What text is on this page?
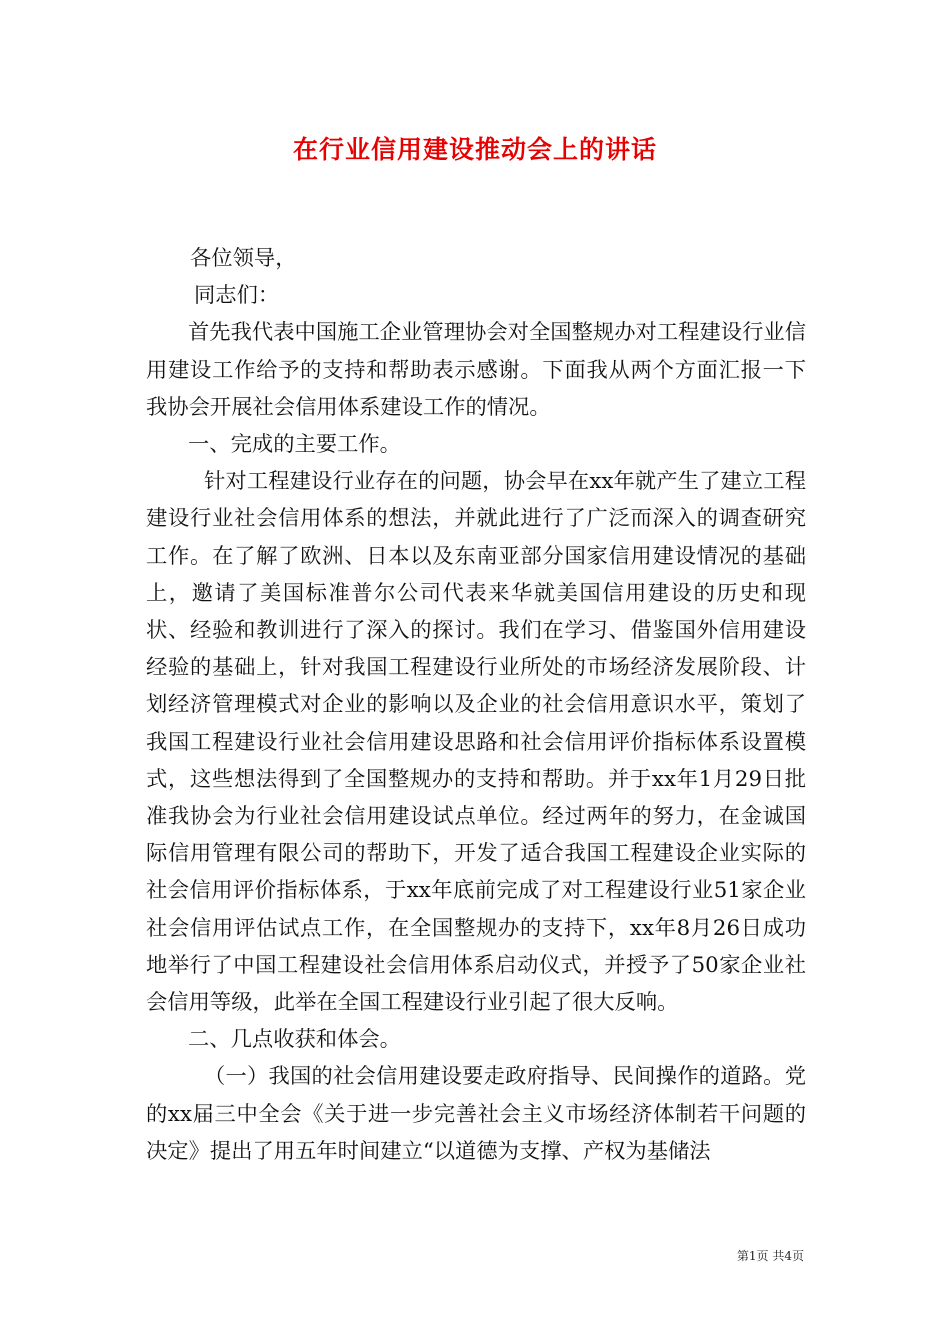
在行业信用建设推动会上的讲话

各位领导，

同志们：

首先我代表中国施工企业管理协会对全国整规办对工程建设行业信用建设工作给予的支持和帮助表示感谢。下面我从两个方面汇报一下我协会开展社会信用体系建设工作的情况。

一、完成的主要工作。

针对工程建设行业存在的问题，协会早在xx年就产生了建立工程建设行业社会信用体系的想法，并就此进行了广泛而深入的调查研究工作。在了解了欧洲、日本以及东南亚部分国家信用建设情况的基础上，邀请了美国标准普尔公司代表来华就美国信用建设的历史和现状、经验和教训进行了深入的探讨。我们在学习、借鉴国外信用建设经验的基础上，针对我国工程建设行业所处的市场经济发展阶段、计划经济管理模式对企业的影响以及企业的社会信用意识水平，策划了我国工程建设行业社会信用建设思路和社会信用评价指标体系设置模式，这些想法得到了全国整规办的支持和帮助。并于xx年1月29日批准我协会为行业社会信用建设试点单位。经过两年的努力，在金诚国际信用管理有限公司的帮助下，开发了适合我国工程建设企业实际的社会信用评价指标体系，于xx年底前完成了对工程建设行业51家企业社会信用评估试点工作，在全国整规办的支持下，xx年8月26日成功地举行了中国工程建设社会信用体系启动仪式，并授予了50家企业社会信用等级，此举在全国工程建设行业引起了很大反响。

二、几点收获和体会。

（一）我国的社会信用建设要走政府指导、民间操作的道路。党的xx届三中全会《关于进一步完善社会主义市场经济体制若干问题的决定》提出了用五年时间建立“以道德为支撑、产权为基储法

第1页 共4页
